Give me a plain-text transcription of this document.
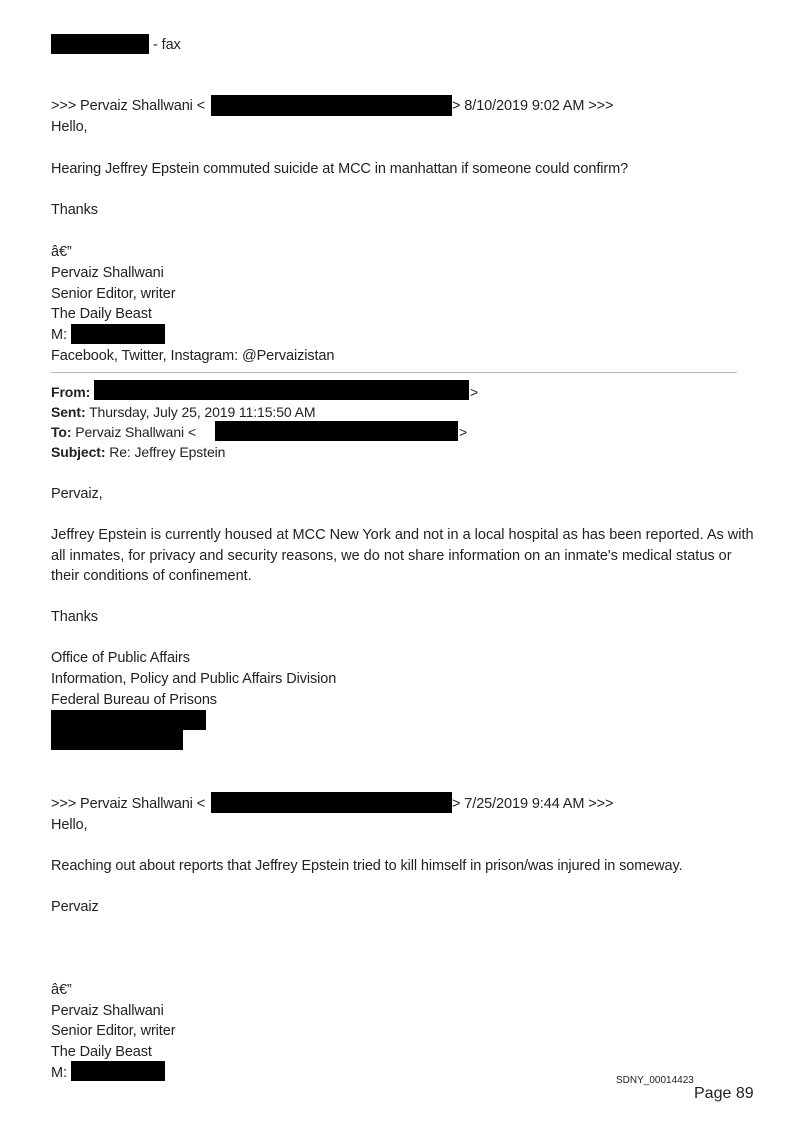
- fax
>>> Pervaiz Shallwani <	> 8/10/2019 9:02 AM >>>
Hello,
Hearing Jeffrey Epstein commuted suicide at MCC in manhattan if someone could confirm?
Thanks
â€”
Pervaiz Shallwani
Senior Editor, writer
The Daily Beast
M:
Facebook, Twitter, Instagram: @Pervaizistan
From:	>
Sent: Thursday, July 25, 2019 11:15:50 AM
To: Pervaiz Shallwani <	>
Subject: Re: Jeffrey Epstein
Pervaiz,
Jeffrey Epstein is currently housed at MCC New York and not in a local hospital as has been reported. As with
all inmates, for privacy and security reasons, we do not share information on an inmate's medical status or
their conditions of confinement.
Thanks
Office of Public Affairs
Information, Policy and Public Affairs Division
Federal Bureau of Prisons
>>> Pervaiz Shallwani <	> 7/25/2019 9:44 AM >>>
Hello,
Reaching out about reports that Jeffrey Epstein tried to kill himself in prison/was injured in someway.
Pervaiz
â€”
Pervaiz Shallwani
Senior Editor, writer
The Daily Beast
M:	SDNY_00014423
Page 89
